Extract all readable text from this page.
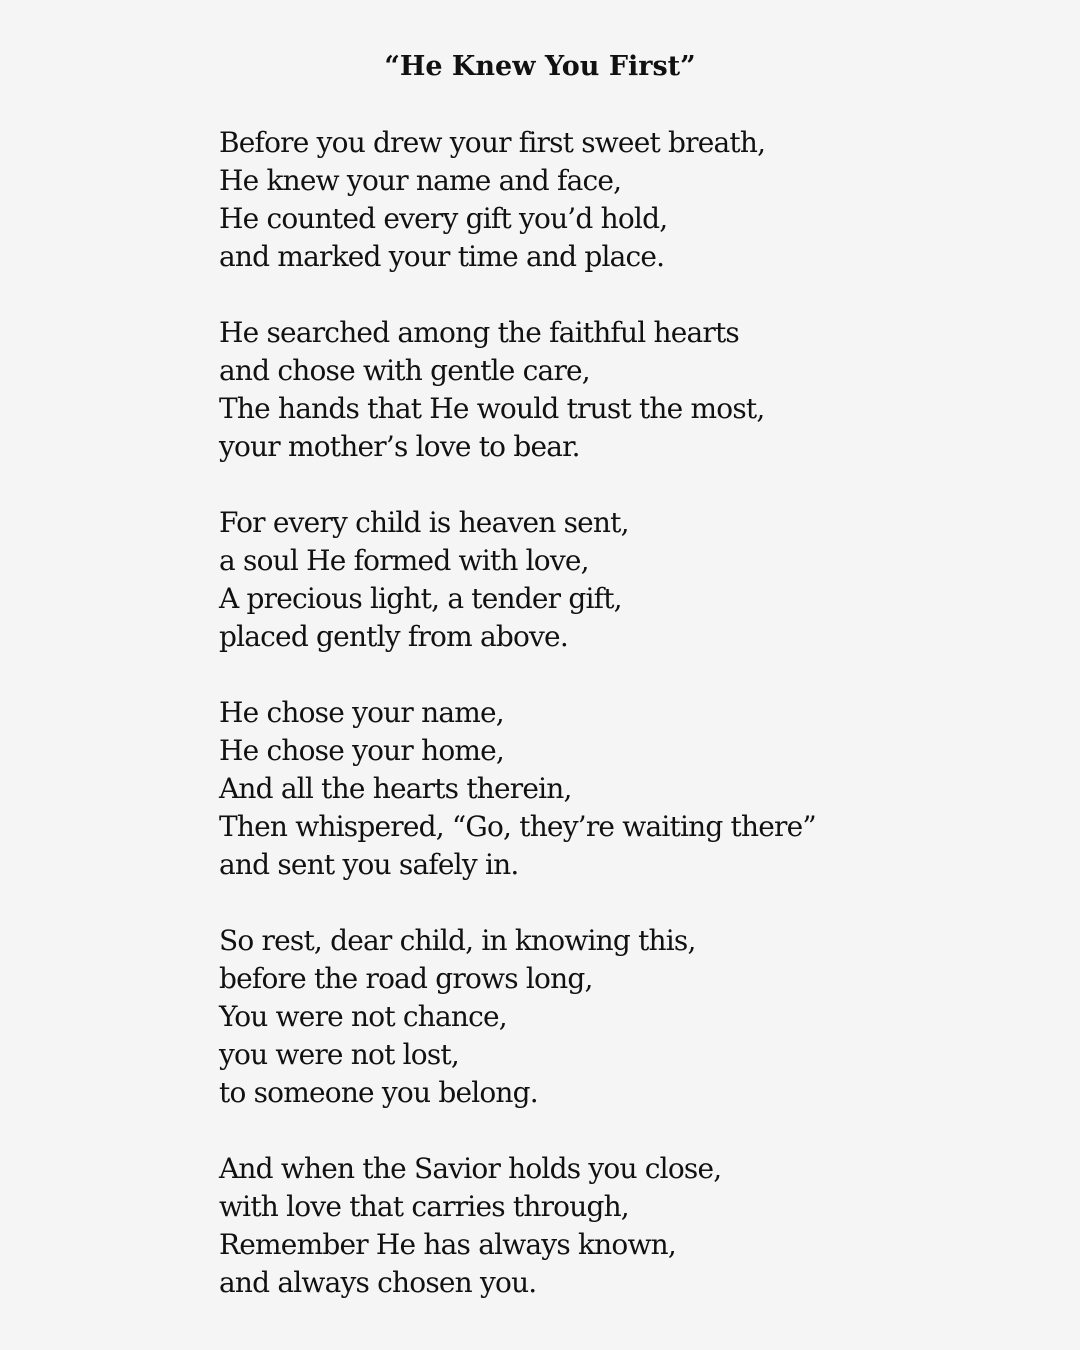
“He Knew You First”
Before you drew your first sweet breath,
He knew your name and face,
He counted every gift you’d hold,
and marked your time and place.
He searched among the faithful hearts
and chose with gentle care,
The hands that He would trust the most,
your mother’s love to bear.
For every child is heaven sent,
a soul He formed with love,
A precious light, a tender gift,
placed gently from above.
He chose your name,
He chose your home,
And all the hearts therein,
Then whispered, “Go, they’re waiting there”
and sent you safely in.
So rest, dear child, in knowing this,
before the road grows long,
You were not chance,
you were not lost,
to someone you belong.
And when the Savior holds you close,
with love that carries through,
Remember He has always known,
and always chosen you.
